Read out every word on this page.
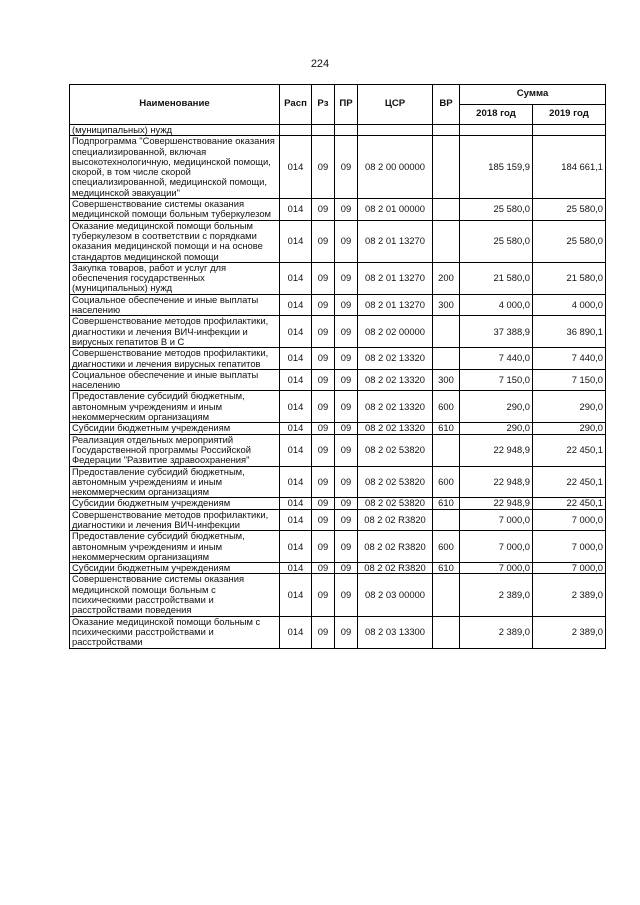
224
Наименование	Расп	Рз	ПР	ЦСР	ВР	Сумма	
						2018 год	2019 год
(муниципальных) нужд							
Подпрограмма "Совершенствование оказания специализированной, включая высокотехнологичную, медицинской помощи, скорой, в том числе скорой специализированной, медицинской помощи, медицинской эвакуации"	014	09	09	08 2 00 00000		185 159,9	184 661,1
Совершенствование системы оказания медицинской помощи больным туберкулезом	014	09	09	08 2 01 00000		25 580,0	25 580,0
Оказание медицинской помощи больным туберкулезом в соответствии с порядками оказания медицинской помощи и на основе стандартов медицинской помощи	014	09	09	08 2 01 13270		25 580,0	25 580,0
Закупка товаров, работ и услуг для обеспечения государственных (муниципальных) нужд	014	09	09	08 2 01 13270	200	21 580,0	21 580,0
Социальное обеспечение и иные выплаты населению	014	09	09	08 2 01 13270	300	4 000,0	4 000,0
Совершенствование методов профилактики, диагностики и лечения ВИЧ-инфекции и вирусных гепатитов В и С	014	09	09	08 2 02 00000		37 388,9	36 890,1
Совершенствование методов профилактики, диагностики и лечения вирусных гепатитов	014	09	09	08 2 02 13320		7 440,0	7 440,0
Социальное обеспечение и иные выплаты населению	014	09	09	08 2 02 13320	300	7 150,0	7 150,0
Предоставление субсидий бюджетным, автономным учреждениям и иным некоммерческим организациям	014	09	09	08 2 02 13320	600	290,0	290,0
Субсидии бюджетным учреждениям	014	09	09	08 2 02 13320	610	290,0	290,0
Реализация отдельных мероприятий Государственной программы Российской Федерации "Развитие здравоохранения"	014	09	09	08 2 02 53820		22 948,9	22 450,1
Предоставление субсидий бюджетным, автономным учреждениям и иным некоммерческим организациям	014	09	09	08 2 02 53820	600	22 948,9	22 450,1
Субсидии бюджетным учреждениям	014	09	09	08 2 02 53820	610	22 948,9	22 450,1
Совершенствование методов профилактики, диагностики и лечения ВИЧ-инфекции	014	09	09	08 2 02 R3820		7 000,0	7 000,0
Предоставление субсидий бюджетным, автономным учреждениям и иным некоммерческим организациям	014	09	09	08 2 02 R3820	600	7 000,0	7 000,0
Субсидии бюджетным учреждениям	014	09	09	08 2 02 R3820	610	7 000,0	7 000,0
Совершенствование системы оказания медицинской помощи больным с психическими расстройствами и расстройствами поведения	014	09	09	08 2 03 00000		2 389,0	2 389,0
Оказание медицинской помощи больным с психическими расстройствами и расстройствами	014	09	09	08 2 03 13300		2 389,0	2 389,0
